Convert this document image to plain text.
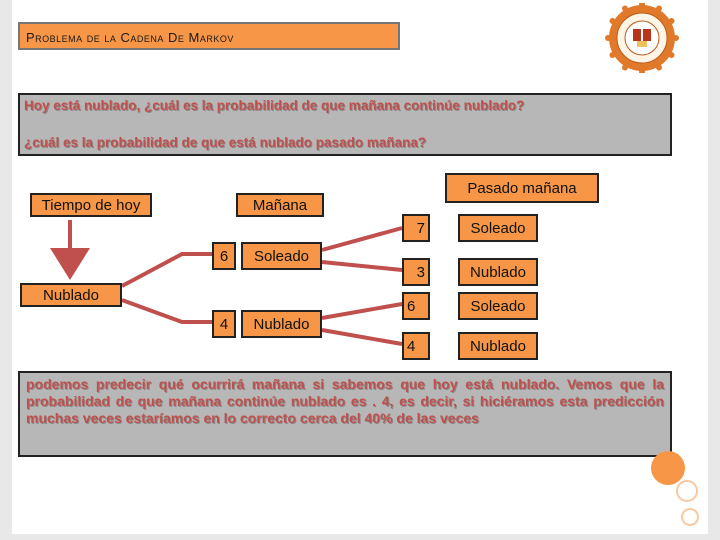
Problema de la Cadena De Markov
Hoy está nublado, ¿cuál es la probabilidad de que mañana continúe nublado?
¿cuál es la probabilidad de que está nublado pasado mañana?
Tiempo de hoy	Mañana
Pasado mañana
Nublado
6	Soleado
4	Nublado
7	Soleado
3	Nublado
6	Soleado
4	Nublado
podemos predecir qué ocurrirá mañana si sabemos que hoy está nublado. Vemos que la probabilidad de que mañana continúe nublado es . 4, es decir, si hiciéramos esta predicción muchas veces estaríamos en lo correcto cerca del 40% de las veces
